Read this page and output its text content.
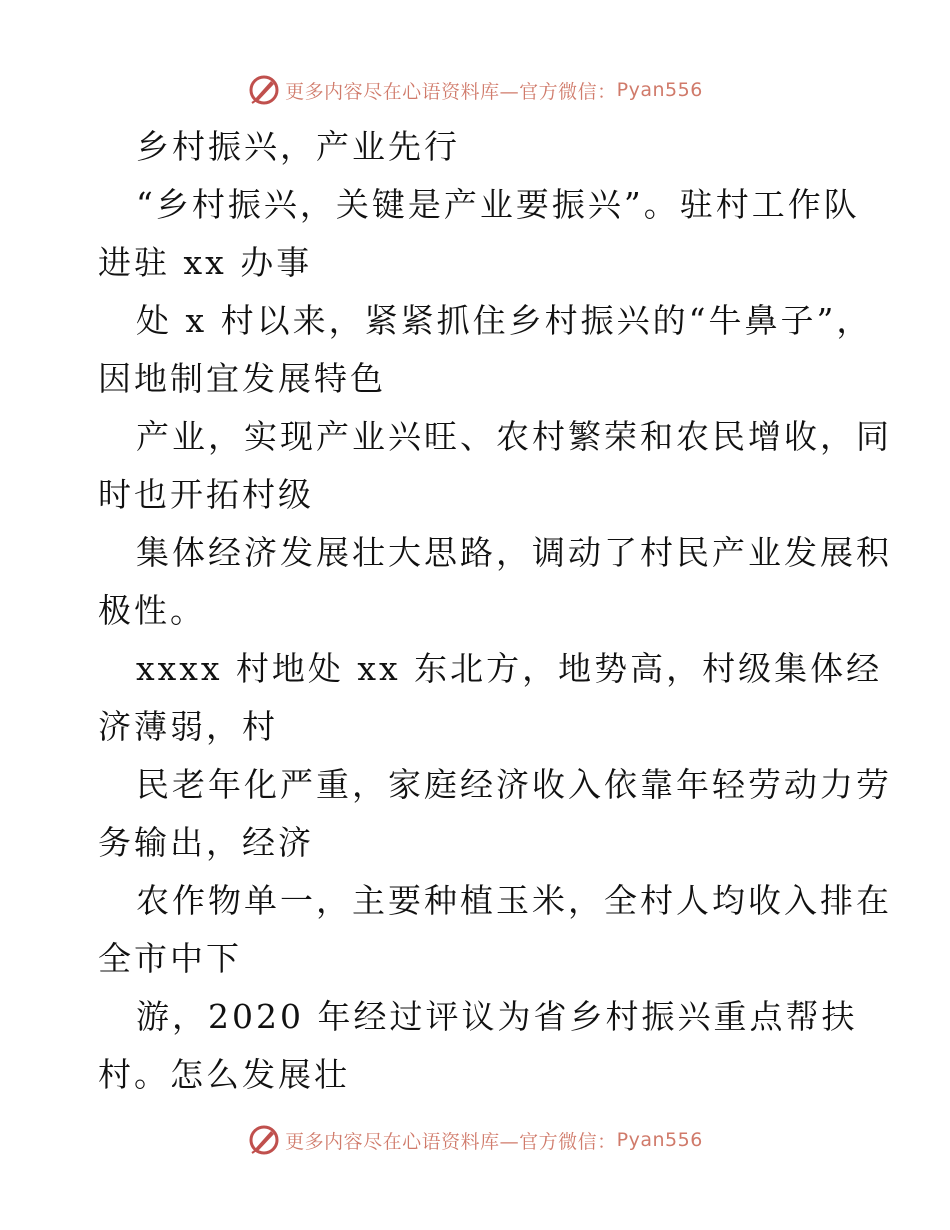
更多内容尽在心语资料库—官方微信： Pyan556
乡村振兴，产业先行
“乡村振兴，关键是产业要振兴”。驻村工作队
进驻 xx 办事
处 x 村以来，紧紧抓住乡村振兴的“牛鼻子”，
因地制宜发展特色
产业，实现产业兴旺、农村繁荣和农民增收，同
时也开拓村级
集体经济发展壮大思路，调动了村民产业发展积
极性。
xxxx 村地处 xx 东北方，地势高，村级集体经
济薄弱，村
民老年化严重，家庭经济收入依靠年轻劳动力劳
务输出，经济
农作物单一，主要种植玉米，全村人均收入排在
全市中下
游，2020 年经过评议为省乡村振兴重点帮扶
村。怎么发展壮
更多内容尽在心语资料库—官方微信： Pyan556
